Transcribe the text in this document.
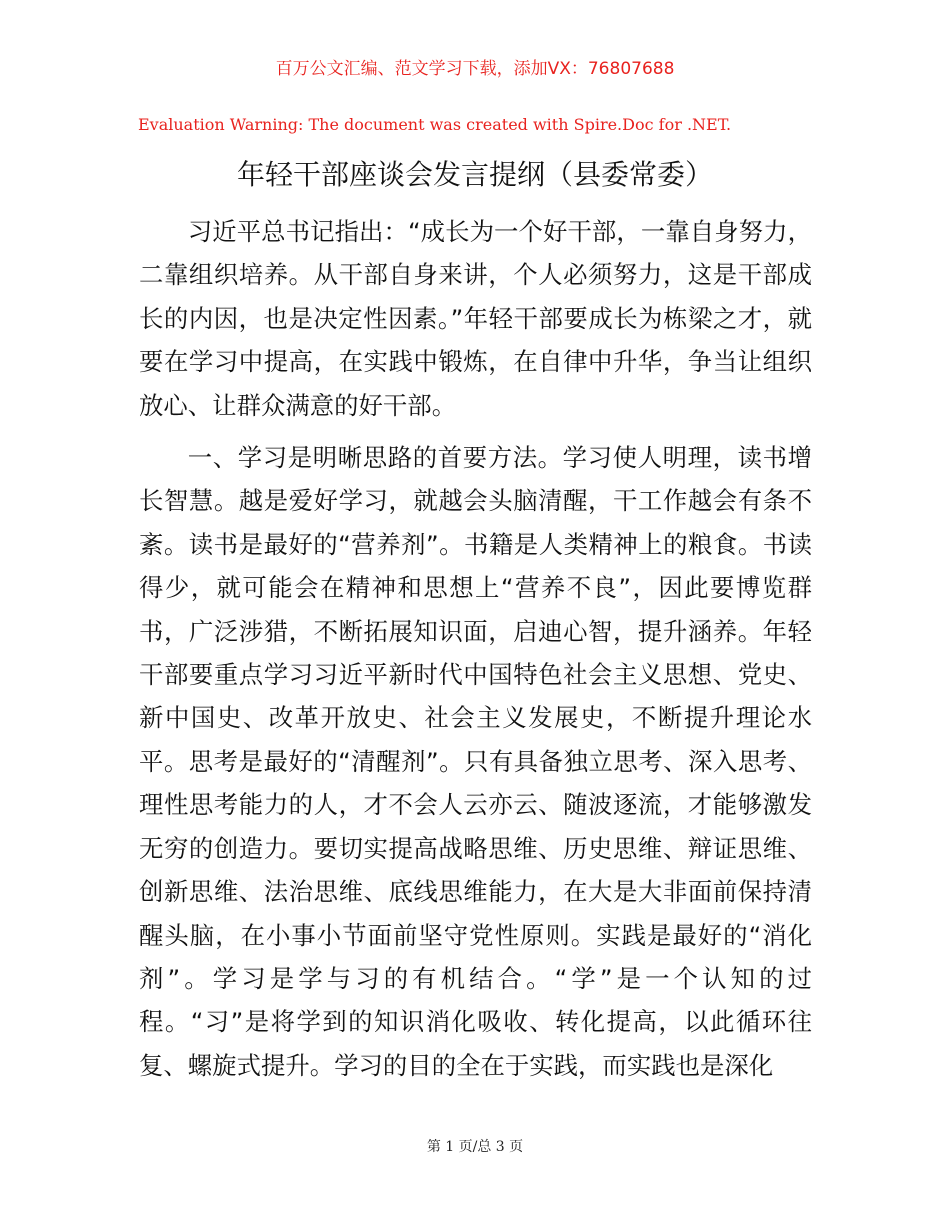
百万公文汇编、范文学习下载，添加VX：76807688
Evaluation Warning: The document was created with Spire.Doc for .NET.
年轻干部座谈会发言提纲（县委常委）

习近平总书记指出：“成长为一个好干部，一靠自身努力，二靠组织培养。从干部自身来讲，个人必须努力，这是干部成长的内因，也是决定性因素。”年轻干部要成长为栋梁之才，就要在学习中提高，在实践中锻炼，在自律中升华，争当让组织放心、让群众满意的好干部。

一、学习是明晰思路的首要方法。学习使人明理，读书增长智慧。越是爱好学习，就越会头脑清醒，干工作越会有条不紊。读书是最好的“营养剂”。书籍是人类精神上的粮食。书读得少，就可能会在精神和思想上“营养不良”，因此要博览群书，广泛涉猎，不断拓展知识面，启迪心智，提升涵养。年轻干部要重点学习习近平新时代中国特色社会主义思想、党史、新中国史、改革开放史、社会主义发展史，不断提升理论水平。思考是最好的“清醒剂”。只有具备独立思考、深入思考、理性思考能力的人，才不会人云亦云、随波逐流，才能够激发无穷的创造力。要切实提高战略思维、历史思维、辩证思维、创新思维、法治思维、底线思维能力，在大是大非面前保持清醒头脑，在小事小节面前坚守党性原则。实践是最好的“消化剂”。学习是学与习的有机结合。“学”是一个认知的过程。“习”是将学到的知识消化吸收、转化提高，以此循环往复、螺旋式提升。学习的目的全在于实践，而实践也是深化

第 1 页/总 3 页
